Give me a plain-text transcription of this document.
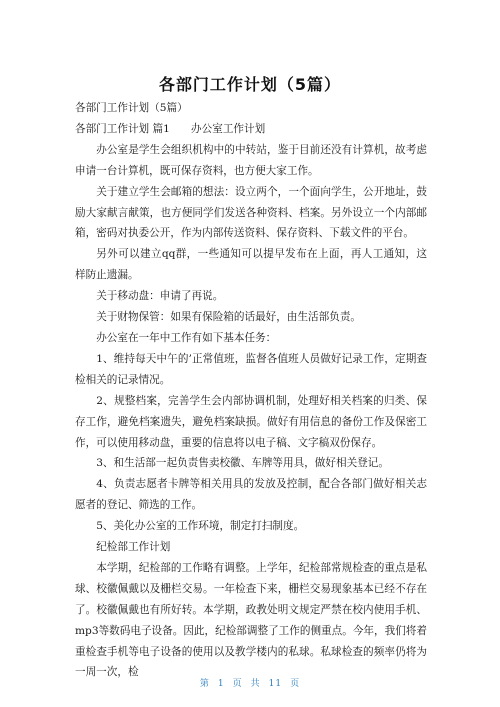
各部门工作计划（5篇）

各部门工作计划（5篇）

各部门工作计划 篇1　　办公室工作计划

办公室是学生会组织机构中的中转站，鉴于目前还没有计算机，故考虑申请一台计算机，既可保存资料，也方便大家工作。

关于建立学生会邮箱的想法：设立两个，一个面向学生，公开地址，鼓励大家献言献策，也方便同学们发送各种资料、档案。另外设立一个内部邮箱，密码对执委公开，作为内部传送资料、保存资料、下载文件的平台。

另外可以建立qq群，一些通知可以提早发布在上面，再人工通知，这样防止遗漏。

关于移动盘：申请了再说。

关于财物保管：如果有保险箱的话最好，由生活部负责。

办公室在一年中工作有如下基本任务：

1、维持每天中午的’正常值班，监督各值班人员做好记录工作，定期查检相关的记录情况。

2、规整档案，完善学生会内部协调机制，处理好相关档案的归类、保存工作，避免档案遗失，避免档案缺损。做好有用信息的备份工作及保密工作，可以使用移动盘，重要的信息将以电子稿、文字稿双份保存。

3、和生活部一起负责售卖校徽、车牌等用具，做好相关登记。

4、负责志愿者卡牌等相关用具的发放及控制，配合各部门做好相关志愿者的登记、筛选的工作。

5、美化办公室的工作环境，制定打扫制度。

纪检部工作计划

本学期，纪检部的工作略有调整。上学年，纪检部常规检查的重点是私球、校徽佩戴以及栅栏交易。一年检查下来，栅栏交易现象基本已经不存在了。校徽佩戴也有所好转。本学期，政教处明文规定严禁在校内使用手机、mp3等数码电子设备。因此，纪检部调整了工作的侧重点。今年，我们将着重检查手机等电子设备的使用以及教学楼内的私球。私球检查的频率仍将为一周一次，检

第 1 页 共 11 页
